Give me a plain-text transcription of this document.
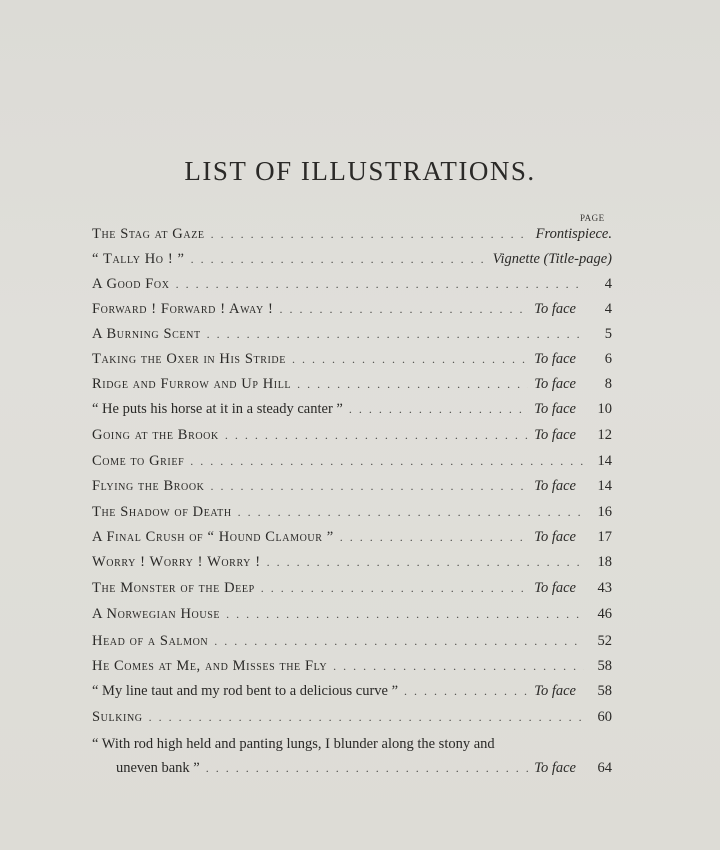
LIST OF ILLUSTRATIONS.
PAGE
The Stag at Gaze . . .	Frontispiece.
“ Tally Ho ! ” . . .	Vignette (Title-page)
A Good Fox . . .	4
Forward ! Forward ! Away ! . . .	To face	4
A Burning Scent . . .	5
Taking the Oxer in His Stride . . .	To face	6
Ridge and Furrow and Up Hill . . .	To face	8
“ He puts his horse at it in a steady canter ” . . .	To face	10
Going at the Brook . . .	To face	12
Come to Grief . . .	14
Flying the Brook . . .	To face	14
The Shadow of Death . . .	16
A Final Crush of “ Hound Clamour ” . . .	To face	17
Worry ! Worry ! Worry ! . . .	18
The Monster of the Deep . . .	To face	43
A Norwegian House . . .	46
Head of a Salmon . . .	52
He Comes at Me, and Misses the Fly . . .	58
“ My line taut and my rod bent to a delicious curve ” . . .	To face	58
Sulking . . .	60
“ With rod high held and panting lungs, I blunder along the stony and
uneven bank ” . . .	To face	64
